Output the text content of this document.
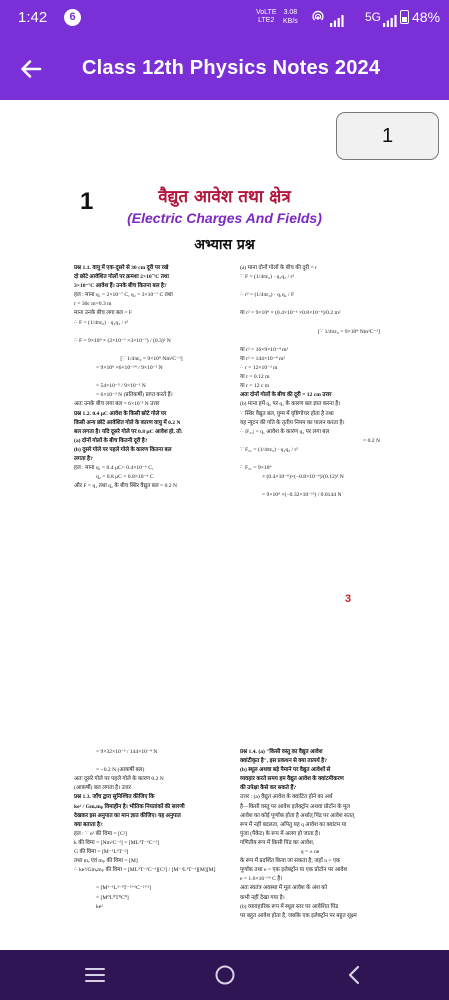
1:42	6	VoLTE
LTE2
3.08
KB/s	5G 48%
Class 12th Physics Notes 2024
1
1	वैद्युत आवेश तथा क्षेत्र
(Electric Charges And Fields)
अभ्यास प्रश्न
प्रश्न 1.1. वायु में एक-दूसरे से 30 cm दूरी पर रखे
दो छोटे आवेशित गोलों पर क्रमशः 2×10⁻⁷C तथा
3×10⁻⁷C आवेश हैं। उनके बीच कितना बल है?
हल : माना q₁ = 2×10⁻⁷ C, q₂ = 3×10⁻⁷ C तथा
r = 30c m=0.3 m
माना उनके बीच लगा बल = F
∴ F = (1/4πε₀) · q₁q₂ / r²

∴ F = 9×10⁹ × (2×10⁻⁷ ×3×10⁻⁷) / (0.3)² N

[∵ 1/4πε₀ = 9×10⁹ Nm²C⁻²]
= 9×10⁹ ×6×10⁻¹⁴ / 9×10⁻² N

= 54×10⁻⁵ / 9×10⁻² N
= 6×10⁻³ N (प्रतिकर्षी) प्राप्त करते हैं।
अतः उनके बीच लगा बल = 6×10⁻³ N उत्तर
प्रश्न 1.2. 0.4 μC आवेश के किसी छोटे गोले पर
किसी अन्य छोटे आवेशित गोले के कारण वायु में 0.2 N
बल लगता है। यदि दूसरे गोले पर 0.8 μC आवेश हो, तो:
(a) दोनों गोलों के बीच कितनी दूरी है?
(b) दूसरे गोले पर पहले गोले के कारण कितना बल
लगता है?
हल : माना q₁ = 0.4 μC= 0.4×10⁻⁶ C,
q₂ = 0.8 μC = 0.8×10⁻⁶ C
और F = q₁ तथा q₂ के बीच स्थिर वैद्युत बल = 0.2 N
(a) माना दोनों गोलों के बीच की दूरी = r
∵ F = (1/4πε₀) · q₁q₂ / r²

∴ r² = (1/4πε₀) · q₁q₂ / F

या r² = 9×10⁹ × (0.4×10⁻⁶ ×0.8×10⁻⁶)/0.2 m²

[∵ 1/4πε₀ = 9×10⁹ Nm²C⁻²]

या r² = 16×9×10⁻⁴ m²
या r² = 144×10⁻⁴ m²
∴ r = 12×10⁻² m
या r = 0.12 m
या r = 12 c m
अतः दोनों गोलों के बीच की दूरी = 12 cm उत्तर
(b) माना हमें q₂ पर q₁ के कारण बल ज्ञात करना है।
∵ स्थिर वैद्युत बल, युग्म में वृष्टिगोचर होता है तथा
यह न्यूटन की गति के तृतीय नियम का पालन करता है।
∴ |F₂₁| = q₁ आवेश के कारण q₂ पर लगा बल
= 0.2 N
∵ F₂₁ = (1/4πε₀) · q₁q₂ / r²

∴ F₂₁ = 9×10⁹
× (0.4×10⁻⁶)×(−0.8×10⁻⁶)/(0.12)² N

= 9×10⁹ ×(−0.32×10⁻¹²) / 0.0144 N
= 9×32×10⁻³ / 144×10⁻⁴ N

= −0.2 N (आकर्षी बल)
अतः दूसरे गोले पर पहले गोले के कारण 0.2 N
(आकर्षी) बल लगता है। उत्तर
प्रश्न 1.3. जाँच द्वारा सुनिश्चित कीजिए कि
ke² / Gmₑmₚ विमाहीन है। भौतिक नियतांकों की सारणी
देखकर इस अनुपात का मान ज्ञात कीजिए। यह अनुपात
क्या बताता है?
हल : ∵ e² की विमा = [C²]
k की विमा = [Nm²C⁻²] = [ML³T⁻²C⁻²]
G की विमा = [M⁻¹L³T⁻²]
तथा mₑ एवं mₚ की विमा = [M]
∴ ke²/Gmₑmₚ की विमा = [ML³T⁻²C⁻²][C²] / [M⁻¹L³T⁻²][M][M]

= [M¹⁻¹L³⁻³T⁻²⁺²C⁻²⁺²]
= [M⁰L⁰T⁰C⁰]
ke²
प्रश्न 1.4. (a) "किसी वस्तु का वैद्युत आवेश
क्वांटीकृत है", इस प्रकथन से क्या तात्पर्य है?
(b) स्थूल अथवा बड़े पैमाने पर वैद्युत आवेशों से
व्यवहार करते समय हम वैद्युत आवेश के क्वांटमीकरण
की उपेक्षा कैसे कर सकते हैं?
उत्तर : (a) वैद्युत आवेश के क्वांटित होने का अर्थ
है—किसी वस्तु पर आवेश इलेक्ट्रॉन अथवा प्रोटॉन के मूल
आवेश का कोई पूर्णांक होता है अर्थात् पिंड पर आवेश सतत्
रूप में नहीं बदलता, अपितु यह q आवेश का क्वांटम या
पुंजा (पैकेट) के रूप में अलग हो जाता है।
गणितीय रूप में किसी पिंड का आवेश,
q = ± ne
के रूप में प्रदर्शित किया जा सकता है; जहाँ n = एक
पूर्णांक तथा e = एक इलेक्ट्रॉन या एक प्रोटॉन पर आवेश
e = 1.6×10⁻¹⁹ C है।
अतः स्वतंत्र अवस्था में मूल आवेश के अंश को
कभी नहीं देखा गया है।
(b) व्यावहारिक रूप में स्थूल स्तर पर आवेशित पिंड
पर बहुत आवेश होता है, जबकि एक इलेक्ट्रॉन पर बहुत सूक्ष्म
3
